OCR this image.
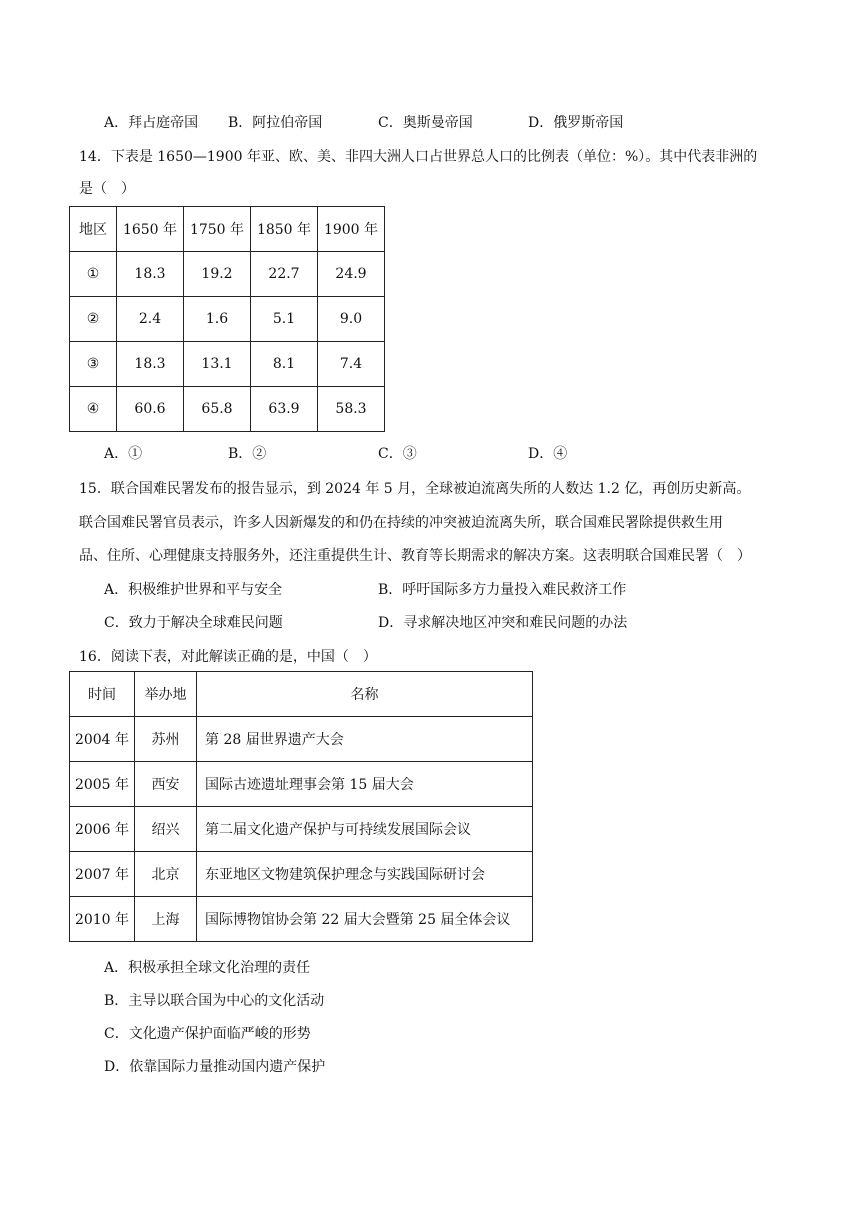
A．拜占庭帝国 B．阿拉伯帝国	C．奥斯曼帝国	D．俄罗斯帝国
14．下表是 1650—1900 年亚、欧、美、非四大洲人口占世界总人口的比例表（单位：%）。其中代表非洲的
是（　）
地区	1650 年	1750 年	1850 年	1900 年
①	18.3	19.2	22.7	24.9
②	2.4	1.6	5.1	9.0
③	18.3	13.1	8.1	7.4
④	60.6	65.8	63.9	58.3
A．①	B．②	C．③	D．④
15．联合国难民署发布的报告显示，到 2024 年 5 月，全球被迫流离失所的人数达 1.2 亿，再创历史新高。
联合国难民署官员表示，许多人因新爆发的和仍在持续的冲突被迫流离失所，联合国难民署除提供救生用
品、住所、心理健康支持服务外，还注重提供生计、教育等长期需求的解决方案。这表明联合国难民署（　）
A．积极维护世界和平与安全	B．呼吁国际多方力量投入难民救济工作
C．致力于解决全球难民问题	D．寻求解决地区冲突和难民问题的办法
16．阅读下表，对此解读正确的是，中国（　）
时间	举办地	名称
2004 年	苏州	第 28 届世界遗产大会
2005 年	西安	国际古迹遗址理事会第 15 届大会
2006 年	绍兴	第二届文化遗产保护与可持续发展国际会议
2007 年	北京	东亚地区文物建筑保护理念与实践国际研讨会
2010 年	上海	国际博物馆协会第 22 届大会暨第 25 届全体会议
A．积极承担全球文化治理的责任
B．主导以联合国为中心的文化活动
C．文化遗产保护面临严峻的形势
D．依靠国际力量推动国内遗产保护
